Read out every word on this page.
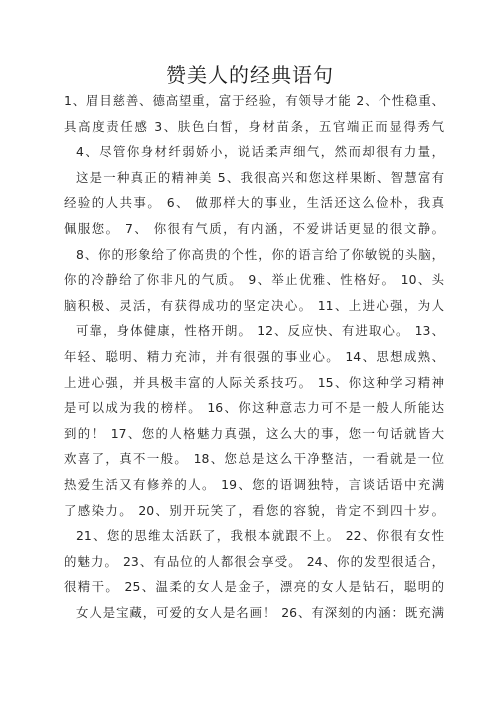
赞美人的经典语句
1、眉目慈善、德高望重，富于经验，有领导才能 2、个性稳重、
具高度责任感 3、肤色白皙，身材苗条，五官端正而显得秀气
4、尽管你身材纤弱娇小，说话柔声细气，然而却很有力量，
这是一种真正的精神美 5、我很高兴和您这样果断、智慧富有
经验的人共事。 6、 做那样大的事业，生活还这么俭朴，我真
佩服您。 7、 你很有气质，有内涵，不爱讲话更显的很文静。
8、你的形象给了你高贵的个性，你的语言给了你敏锐的头脑，
你的冷静给了你非凡的气质。 9、举止优雅、性格好。 10、头
脑积极、灵活，有获得成功的坚定决心。 11、上进心强，为人
可靠，身体健康，性格开朗。 12、反应快、有进取心。 13、
年轻、聪明、精力充沛，并有很强的事业心。 14、思想成熟、
上进心强，并具极丰富的人际关系技巧。 15、你这种学习精神
是可以成为我的榜样。 16、你这种意志力可不是一般人所能达
到的！ 17、您的人格魅力真强，这么大的事，您一句话就皆大
欢喜了，真不一般。 18、您总是这么干净整洁，一看就是一位
热爱生活又有修养的人。 19、您的语调独特，言谈话语中充满
了感染力。 20、别开玩笑了，看您的容貌，肯定不到四十岁。
21、您的思维太活跃了，我根本就跟不上。 22、你很有女性
的魅力。 23、有品位的人都很会享受。 24、你的发型很适合，
很精干。 25、温柔的女人是金子，漂亮的女人是钻石，聪明的
女人是宝藏，可爱的女人是名画！ 26、有深刻的内涵：既充满
